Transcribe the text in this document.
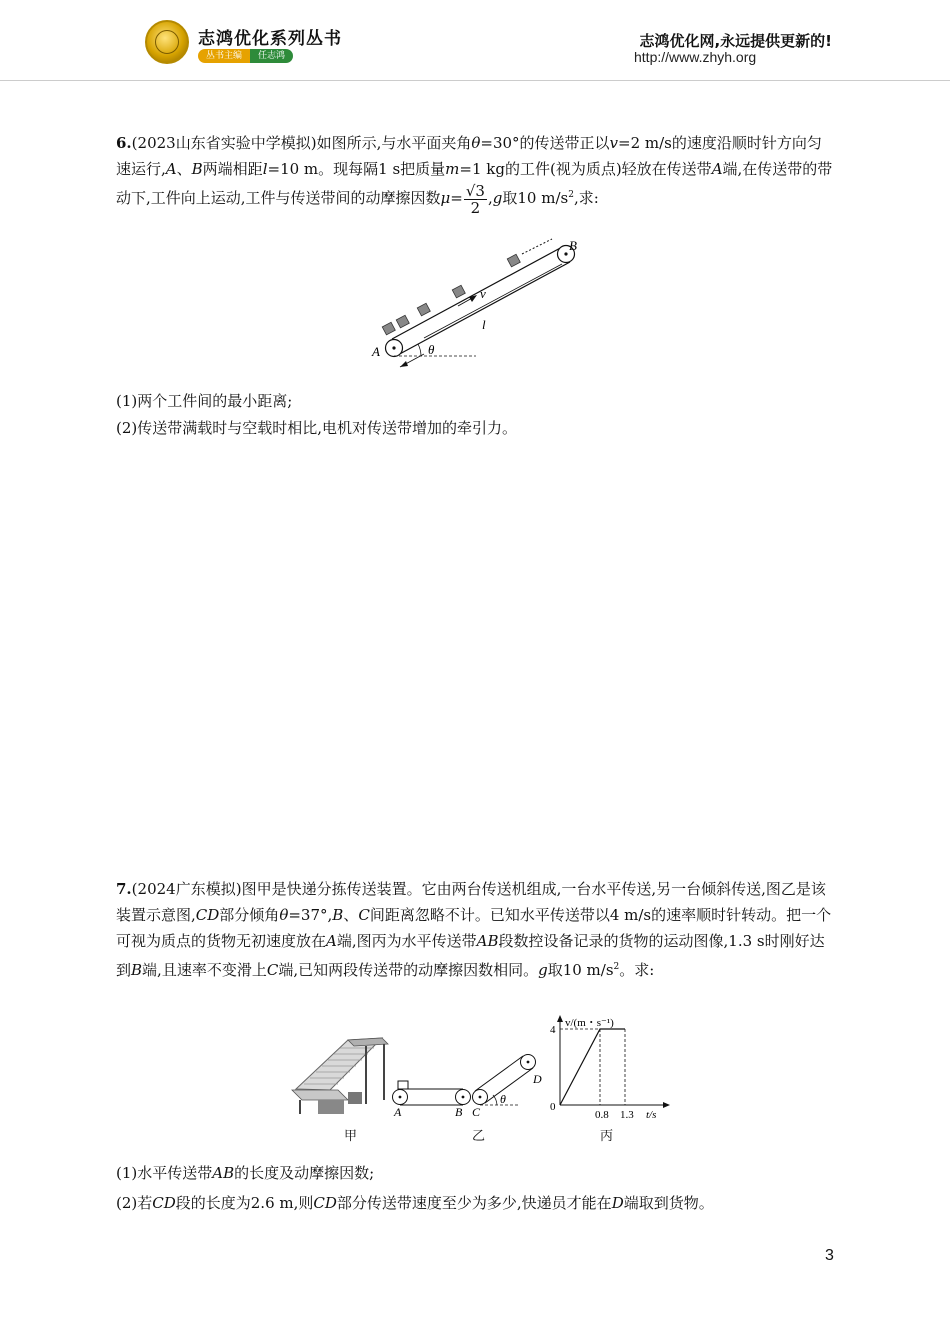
志鸿优化系列丛书
丛书主编	任志鸿
志鸿优化网,永远提供更新的!
http://www.zhyh.org
6.(2023山东省实验中学模拟)如图所示,与水平面夹角θ=30°的传送带正以v=2 m/s的速度沿顺时针方向匀速运行,A、B两端相距l=10 m。现每隔1 s把质量m=1 kg的工件(视为质点)轻放在传送带A端,在传送带的带动下,工件向上运动,工件与传送带间的动摩擦因数$\mu= \frac{√3}{2} ,g$取10 $m/s^2$,求:
v
l
θ
A
B
(1)两个工件间的最小距离;
(2)传送带满载时与空载时相比,电机对传送带增加的牵引力。
7.(2024广东模拟)图甲是快递分拣传送装置。它由两台传送机组成,一台水平传送,另一台倾斜传送,图乙是该装置示意图,CD部分倾角θ=37°,B、C间距离忽略不计。已知水平传送带以4 m/s的速率顺时针转动。把一个可视为质点的货物无初速度放在A端,图丙为水平传送带AB段数控设备记录的货物的运动图像,1.3 s时刚好达到B端,且速率不变滑上C端,已知两段传送带的动摩擦因数相同。g取10 $m/s^2$。求:
甲
θ
A	B C
D
乙
v/(m・s⁻¹)
t/s
4
0
0.8 1.3
丙
(1)水平传送带AB的长度及动摩擦因数;
(2)若CD段的长度为2.6 m,则CD部分传送带速度至少为多少,快递员才能在D端取到货物。
3
